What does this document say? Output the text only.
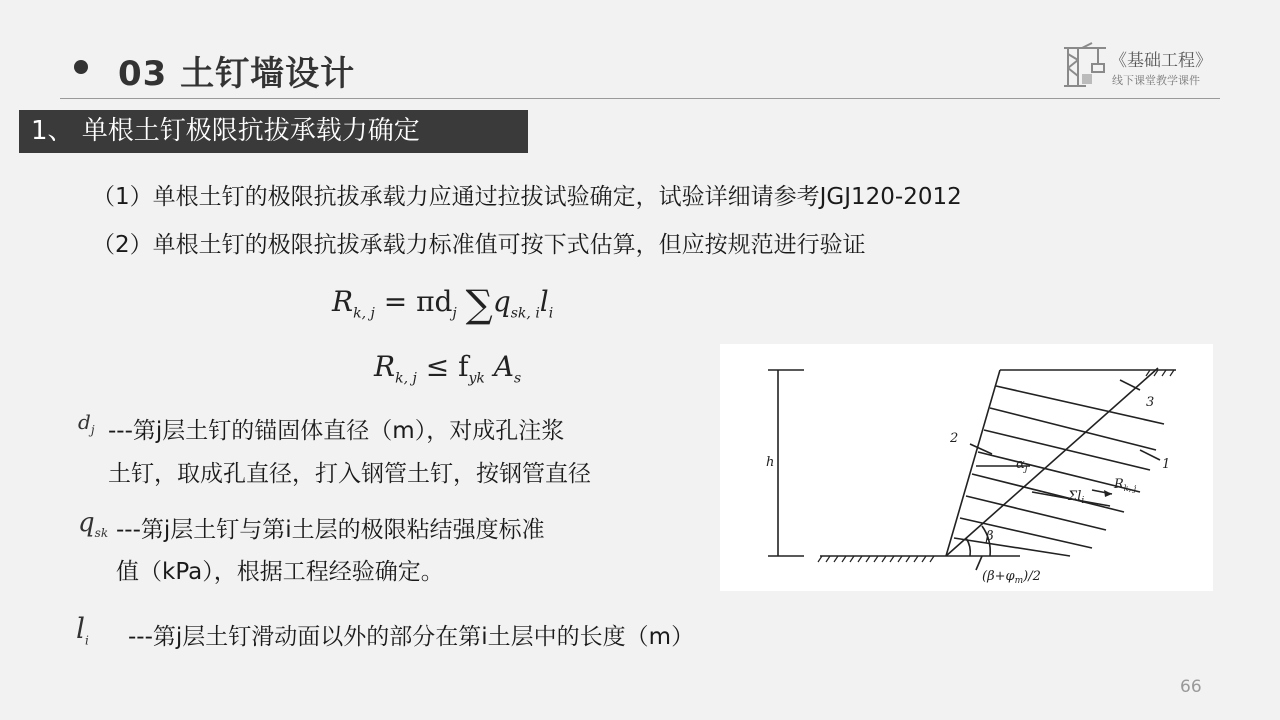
03 土钉墙设计	《基础工程》
线下课堂教学课件
1、 单根土钉极限抗拔承载力确定
（1）单根土钉的极限抗拔承载力应通过拉拔试验确定，试验详细请参考JGJ120-2012
（2）单根土钉的极限抗拔承载力标准值可按下式估算，但应按规范进行验证
$R_{k, j} = \pi d_j$ $\sum q_{sk, i}l_i$
$R_{k, j} \le f_{yk}$ $A_s$
$d_j$ ---第j层土钉的锚固体直径（m），对成孔注浆
土钉，取成孔直径，打入钢管土钉，按钢管直径
$q_{sk}$ ---第j层土钉与第i土层的极限粘结强度标准
值（kPa），根据工程经验确定。
$l_i$ ---第j层土钉滑动面以外的部分在第i土层中的长度（m）
h
3
1
2
$\alpha_j$
$\Sigma l_i$
$R_{k, j}$
β
$(\beta+\varphi_m)/2$
66
